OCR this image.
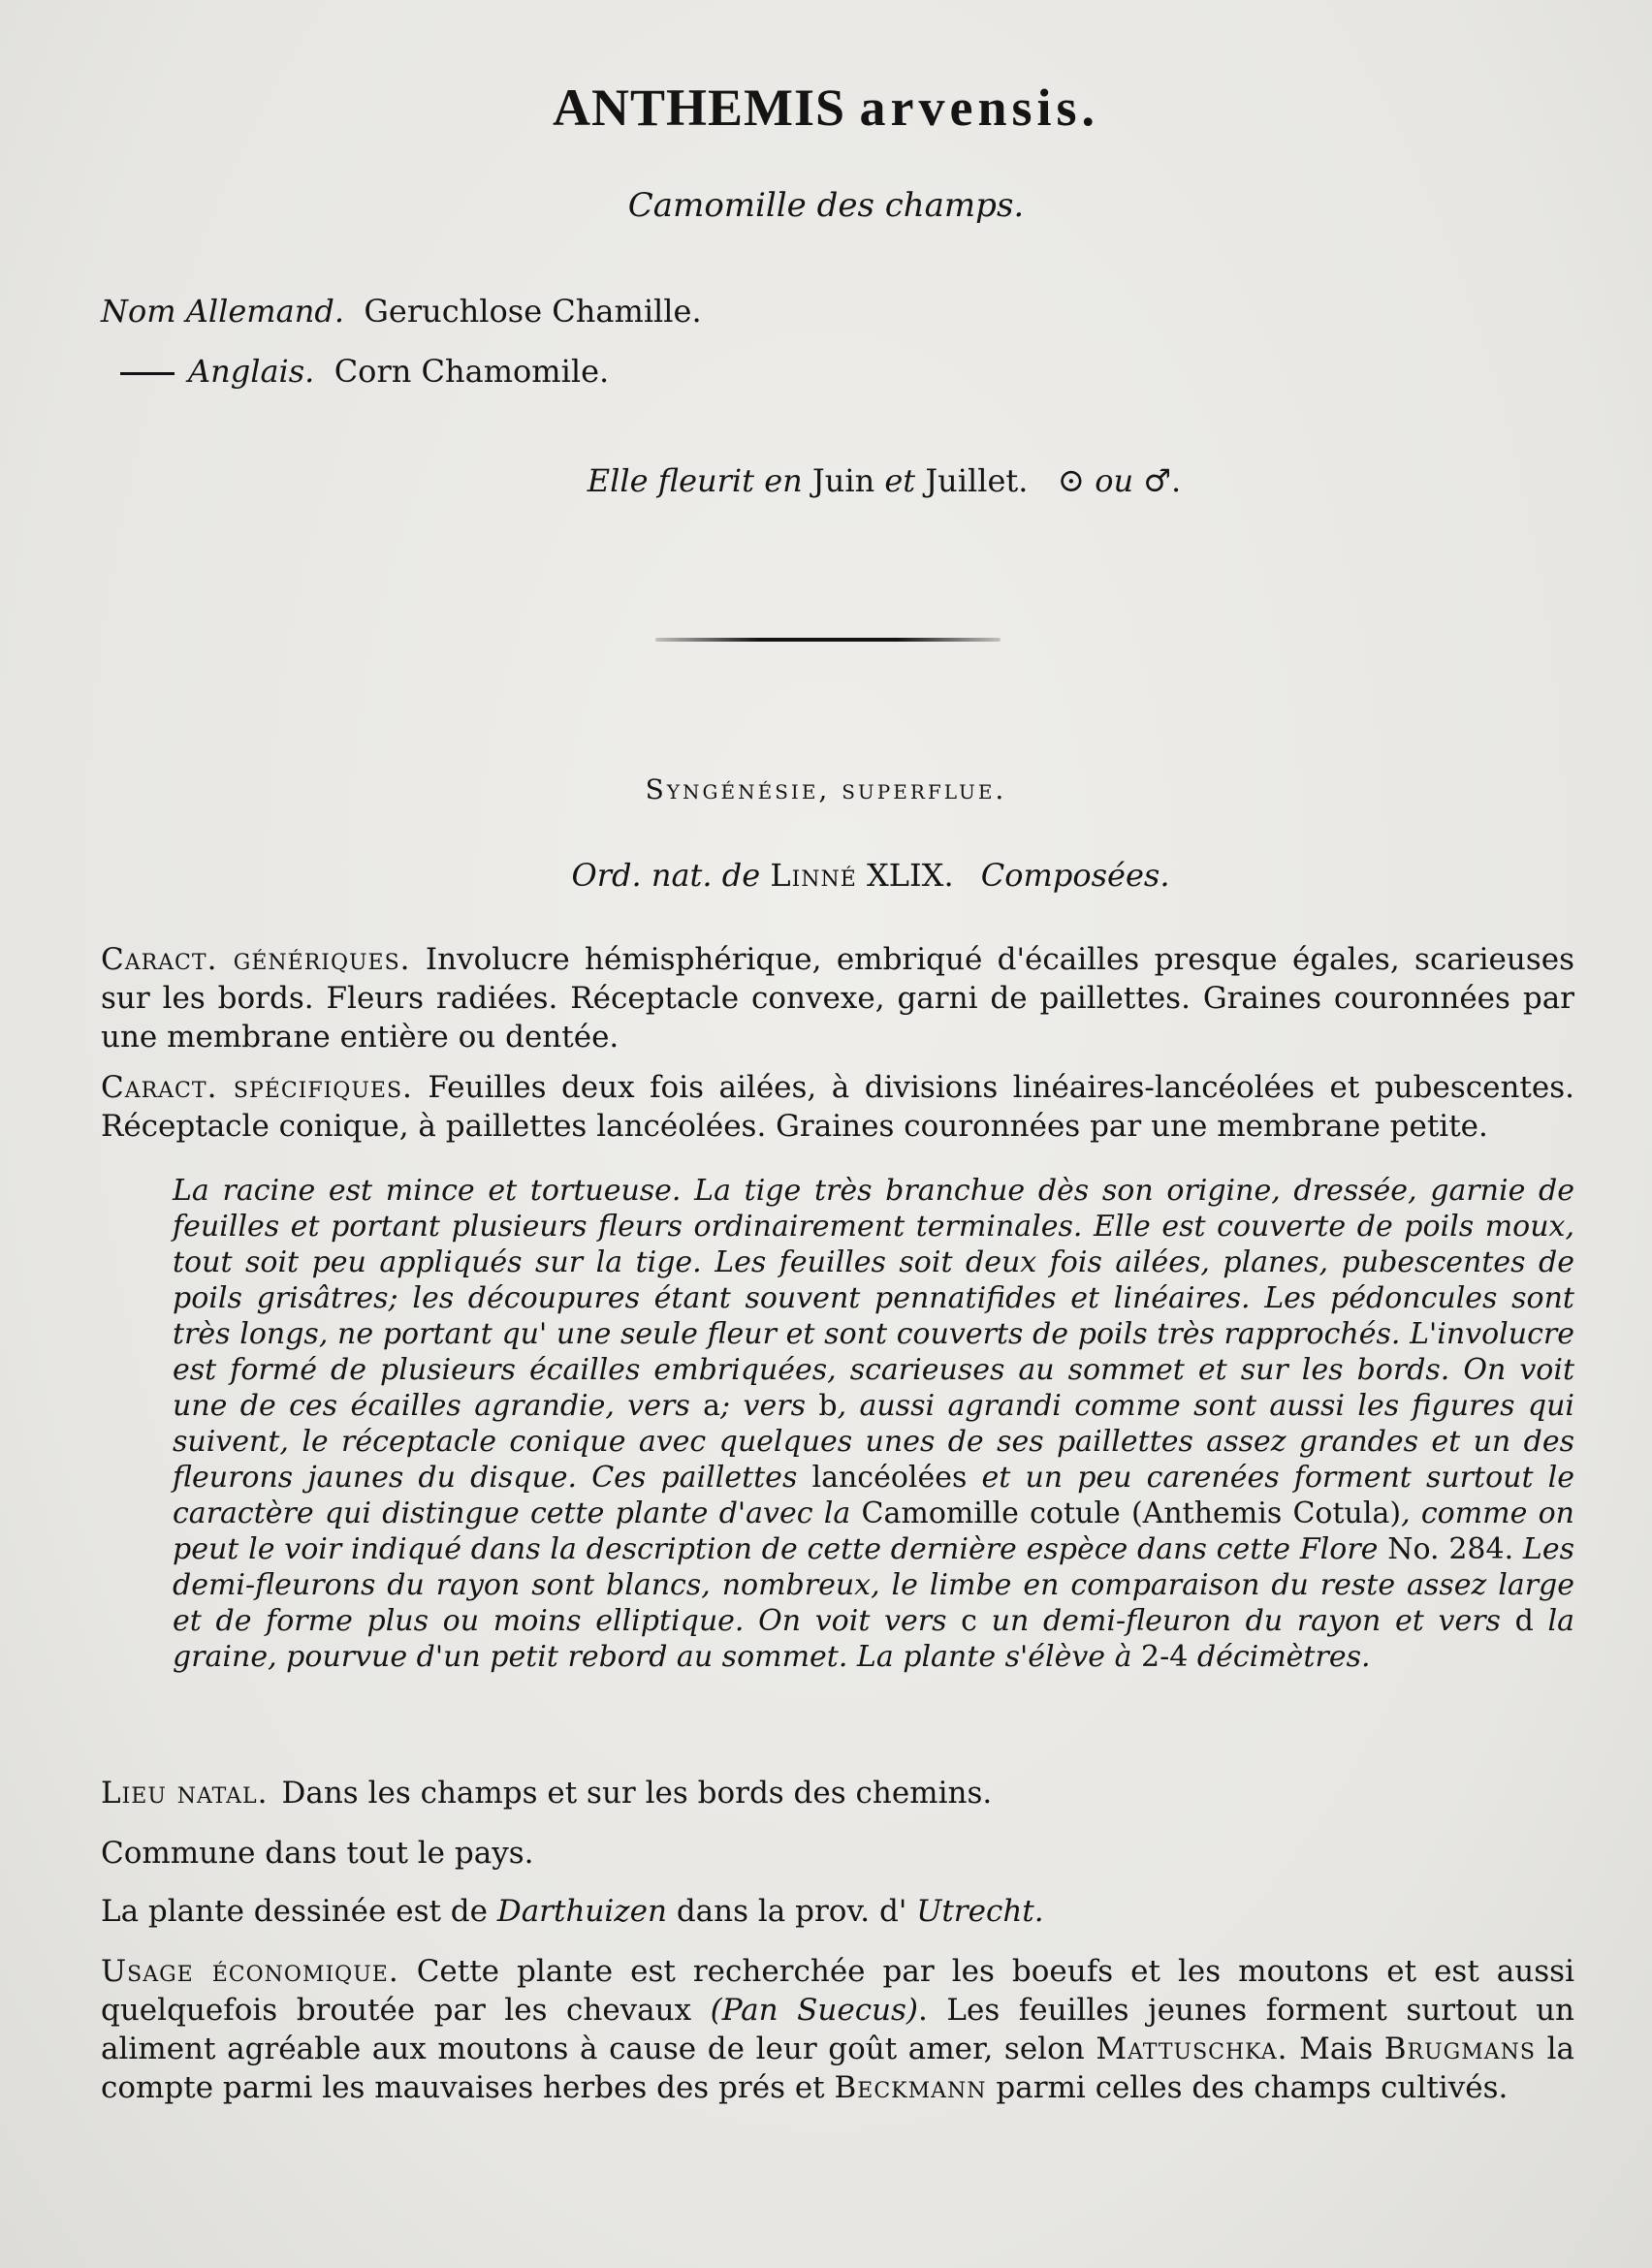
ANTHEMIS arvensis.
Camomille des champs.
Nom Allemand. Geruchlose Chamille.
Anglais. Corn Chamomile.
Elle fleurit en Juin et Juillet. ⊙ ou ♂.
Syngénésie, superflue.
Ord. nat. de Linné XLIX. Composées.
Caract. génériques. Involucre hémisphérique, embriqué d'écailles presque égales, scarieuses sur les bords. Fleurs radiées. Réceptacle convexe, garni de paillettes. Graines couronnées par une membrane entière ou dentée.
Caract. spécifiques. Feuilles deux fois ailées, à divisions linéaires-lancéolées et pubescentes. Réceptacle conique, à paillettes lancéolées. Graines couronnées par une membrane petite.
La racine est mince et tortueuse. La tige très branchue dès son origine, dressée, garnie de feuilles et portant plusieurs fleurs ordinairement terminales. Elle est couverte de poils moux, tout soit peu appliqués sur la tige. Les feuilles soit deux fois ailées, planes, pubescentes de poils grisâtres; les découpures étant souvent pennatifides et linéaires. Les pédoncules sont très longs, ne portant qu' une seule fleur et sont couverts de poils très rapprochés. L'involucre est formé de plusieurs écailles embriquées, scarieuses au sommet et sur les bords. On voit une de ces écailles agrandie, vers a; vers b, aussi agrandi comme sont aussi les figures qui suivent, le réceptacle conique avec quelques unes de ses paillettes assez grandes et un des fleurons jaunes du disque. Ces paillettes lancéolées et un peu carenées forment surtout le caractère qui distingue cette plante d'avec la Camomille cotule (Anthemis Cotula), comme on peut le voir indiqué dans la description de cette dernière espèce dans cette Flore No. 284. Les demi-fleurons du rayon sont blancs, nombreux, le limbe en comparaison du reste assez large et de forme plus ou moins elliptique. On voit vers c un demi-fleuron du rayon et vers d la graine, pourvue d'un petit rebord au sommet. La plante s'élève à 2-4 décimètres.
Lieu natal. Dans les champs et sur les bords des chemins.
Commune dans tout le pays.
La plante dessinée est de Darthuizen dans la prov. d' Utrecht.
Usage économique. Cette plante est recherchée par les boeufs et les moutons et est aussi quelquefois broutée par les chevaux (Pan Suecus). Les feuilles jeunes forment surtout un aliment agréable aux moutons à cause de leur goût amer, selon Mattuschka. Mais Brugmans la compte parmi les mauvaises herbes des prés et Beckmann parmi celles des champs cultivés.
